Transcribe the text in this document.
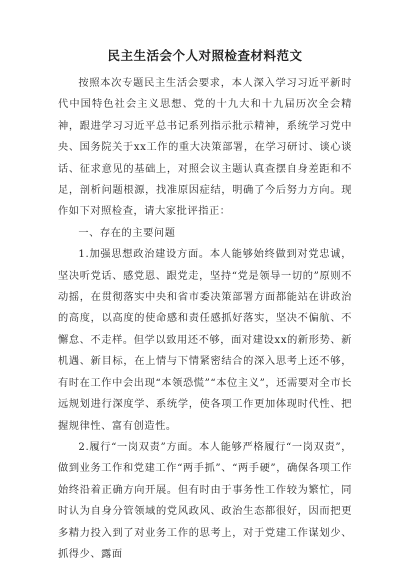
民主生活会个人对照检查材料范文

按照本次专题民主生活会要求，本人深入学习习近平新时代中国特色社会主义思想、党的十九大和十九届历次全会精神，跟进学习习近平总书记系列指示批示精神，系统学习党中央、国务院关于xx工作的重大决策部署，在学习研讨、谈心谈话、征求意见的基础上，对照会议主题认真查摆自身差距和不足，剖析问题根源，找准原因症结，明确了今后努力方向。现作如下对照检查，请大家批评指正：

一、存在的主要问题

1.加强思想政治建设方面。本人能够始终做到对党忠诚，坚决听党话、感党恩、跟党走，坚持“党是领导一切的”原则不动摇，在贯彻落实中央和省市委决策部署方面都能站在讲政治的高度，以高度的使命感和责任感抓好落实，坚决不偏航、不懈怠、不走样。但学以致用还不够，面对建设xx的新形势、新机遇、新目标，在上情与下情紧密结合的深入思考上还不够，有时在工作中会出现“本领恐慌”“本位主义”，还需要对全市长远规划进行深度学、系统学，使各项工作更加体现时代性、把握规律性、富有创造性。

2.履行“一岗双责”方面。本人能够严格履行“一岗双责”，做到业务工作和党建工作“两手抓”、“两手硬”，确保各项工作始终沿着正确方向开展。但有时由于事务性工作较为繁忙，同时认为自身分管领域的党风政风、政治生态都很好，因而把更多精力投入到了对业务工作的思考上，对于党建工作谋划少、抓得少、露面
